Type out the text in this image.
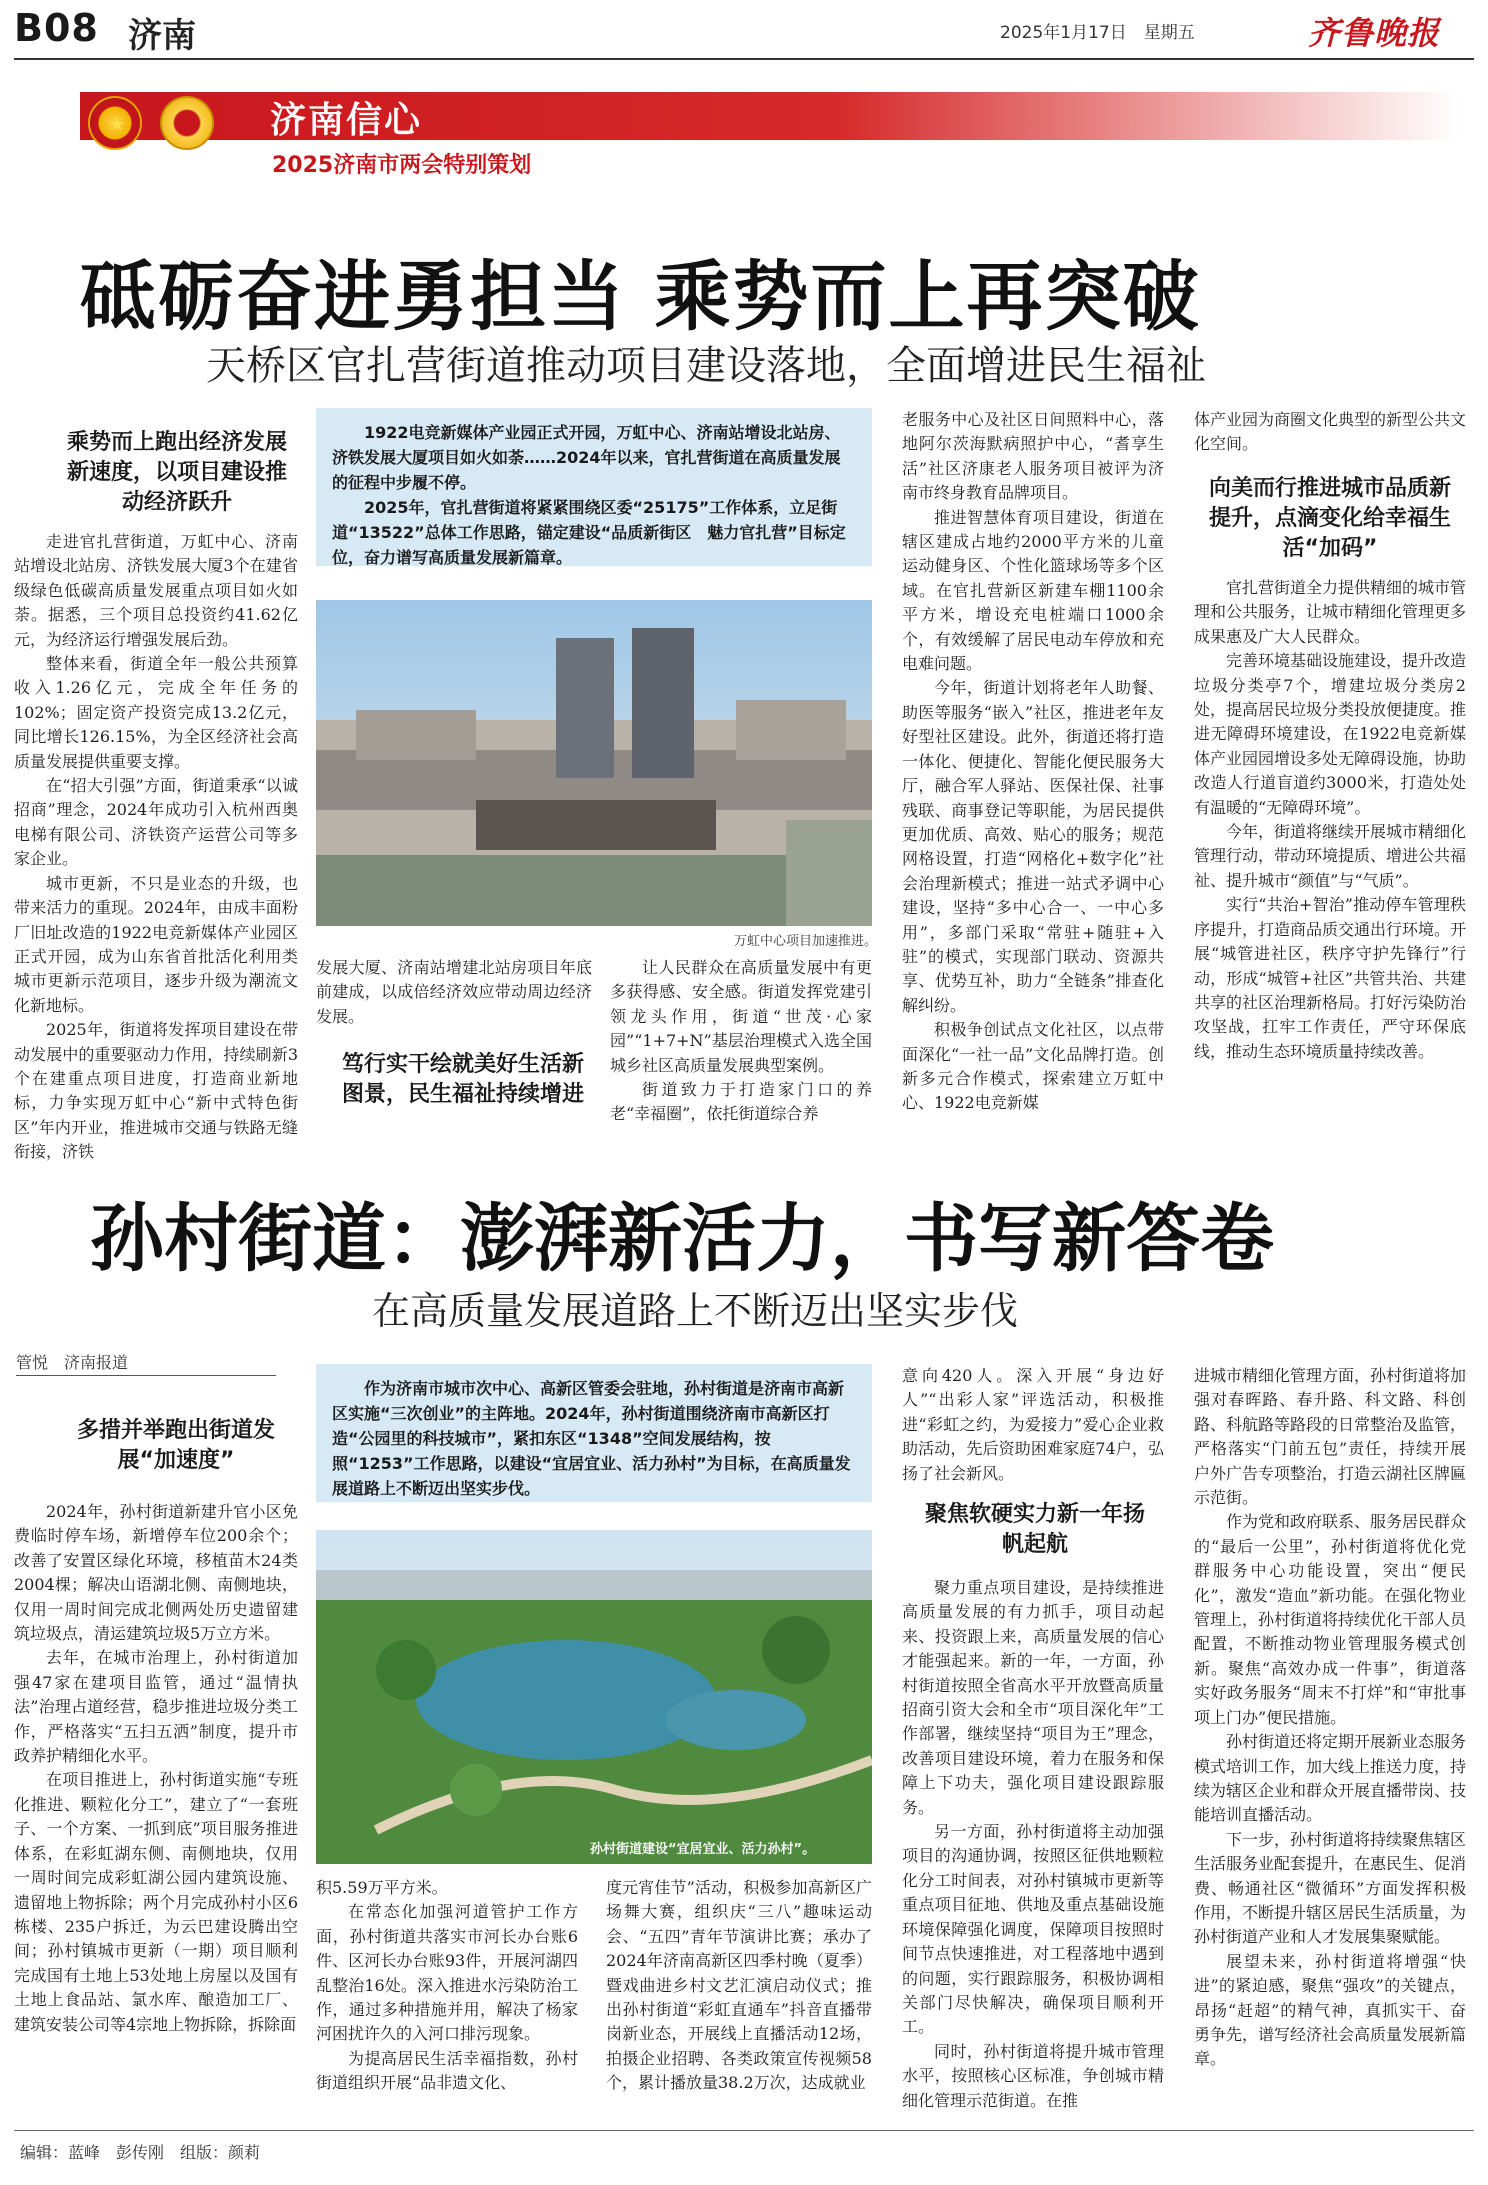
B08 济南	2025年1月17日　 星期五	齐鲁晚报
★	✦	济南信心
2025济南市两会特别策划
砥砺奋进勇担当 乘势而上再突破
天桥区官扎营街道推动项目建设落地，全面增进民生福祉

1922电竞新媒体产业园正式开园，万虹中心、济南站增设北站房、济铁发展大厦项目如火如荼……2024年以来，官扎营街道在高质量发展的征程中步履不停。

2025年，官扎营街道将紧紧围绕区委“25175”工作体系，立足街道“13522”总体工作思路，锚定建设“品质新街区　魅力官扎营”目标定位，奋力谱写高质量发展新篇章。

万虹中心项目加速推进。
乘势而上跑出经济发展新速度，以项目建设推动经济跃升

走进官扎营街道，万虹中心、济南站增设北站房、济铁发展大厦3个在建省级绿色低碳高质量发展重点项目如火如荼。据悉，三个项目总投资约41.62亿元，为经济运行增强发展后劲。

整体来看，街道全年一般公共预算收入1.26亿元，完成全年任务的102%；固定资产投资完成13.2亿元，同比增长126.15%，为全区经济社会高质量发展提供重要支撑。

在“招大引强”方面，街道秉承“以诚招商”理念，2024年成功引入杭州西奥电梯有限公司、济铁资产运营公司等多家企业。

城市更新，不只是业态的升级，也带来活力的重现。2024年，由成丰面粉厂旧址改造的1922电竞新媒体产业园区正式开园，成为山东省首批活化利用类城市更新示范项目，逐步升级为潮流文化新地标。

2025年，街道将发挥项目建设在带动发展中的重要驱动力作用，持续刷新3个在建重点项目进度，打造商业新地标，力争实现万虹中心“新中式特色街区”年内开业，推进城市交通与铁路无缝衔接，济铁

发展大厦、济南站增建北站房项目年底前建成，以成倍经济效应带动周边经济发展。

笃行实干绘就美好生活新图景，民生福祉持续增进

让人民群众在高质量发展中有更多获得感、安全感。街道发挥党建引领龙头作用，街道“世茂·心家园”“1+7+N”基层治理模式入选全国城乡社区高质量发展典型案例。

街道致力于打造家门口的养老“幸福圈”，依托街道综合养

老服务中心及社区日间照料中心，落地阿尔茨海默病照护中心，“耆享生活”社区济康老人服务项目被评为济南市终身教育品牌项目。

推进智慧体育项目建设，街道在辖区建成占地约2000平方米的儿童运动健身区、个性化篮球场等多个区域。在官扎营新区新建车棚1100余平方米，增设充电桩端口1000余个，有效缓解了居民电动车停放和充电难问题。

今年，街道计划将老年人助餐、助医等服务“嵌入”社区，推进老年友好型社区建设。此外，街道还将打造一体化、便捷化、智能化便民服务大厅，融合军人驿站、医保社保、社事残联、商事登记等职能，为居民提供更加优质、高效、贴心的服务；规范网格设置，打造“网格化+数字化”社会治理新模式；推进一站式矛调中心建设，坚持“多中心合一、一中心多用”，多部门采取“常驻+随驻+入驻”的模式，实现部门联动、资源共享、优势互补，助力“全链条”排查化解纠纷。

积极争创试点文化社区，以点带面深化“一社一品”文化品牌打造。创新多元合作模式，探索建立万虹中心、1922电竞新媒

体产业园为商圈文化典型的新型公共文化空间。

向美而行推进城市品质新提升，点滴变化给幸福生活“加码”

官扎营街道全力提供精细的城市管理和公共服务，让城市精细化管理更多成果惠及广大人民群众。

完善环境基础设施建设，提升改造垃圾分类亭7个，增建垃圾分类房2处，提高居民垃圾分类投放便捷度。推进无障碍环境建设，在1922电竞新媒体产业园园增设多处无障碍设施，协助改造人行道盲道约3000米，打造处处有温暖的“无障碍环境”。

今年，街道将继续开展城市精细化管理行动，带动环境提质、增进公共福祉、提升城市“颜值”与“气质”。

实行“共治+智治”推动停车管理秩序提升，打造商品质交通出行环境。开展“城管进社区，秩序守护先锋行”行动，形成“城管+社区”共管共治、共建共享的社区治理新格局。打好污染防治攻坚战，扛牢工作责任，严守环保底线，推动生态环境质量持续改善。

孙村街道：澎湃新活力，书写新答卷
在高质量发展道路上不断迈出坚实步伐
管悦　济南报道

作为济南市城市次中心、高新区管委会驻地，孙村街道是济南市高新区实施“三次创业”的主阵地。2024年，孙村街道围绕济南市高新区打造“公园里的科技城市”，紧扣东区“1348”空间发展结构，按照“1253”工作思路，以建设“宜居宜业、活力孙村”为目标，在高质量发展道路上不断迈出坚实步伐。

孙村街道建设“宜居宜业、活力孙村”。
多措并举跑出街道发展“加速度”

2024年，孙村街道新建升官小区免费临时停车场，新增停车位200余个；改善了安置区绿化环境，移植苗木24类2004棵；解决山语湖北侧、南侧地块，仅用一周时间完成北侧两处历史遗留建筑垃圾点，清运建筑垃圾5万立方米。

去年，在城市治理上，孙村街道加强47家在建项目监管，通过“温情执法”治理占道经营，稳步推进垃圾分类工作，严格落实“五扫五洒”制度，提升市政养护精细化水平。

在项目推进上，孙村街道实施“专班化推进、颗粒化分工”，建立了“一套班子、一个方案、一抓到底”项目服务推进体系，在彩虹湖东侧、南侧地块，仅用一周时间完成彩虹湖公园内建筑设施、遗留地上物拆除；两个月完成孙村小区6栋楼、235户拆迁，为云巴建设腾出空间；孙村镇城市更新（一期）项目顺利完成国有土地上53处地上房屋以及国有土地上食品站、氯水库、酿造加工厂、建筑安装公司等4宗地上物拆除，拆除面

积5.59万平方米。

在常态化加强河道管护工作方面，孙村街道共落实市河长办台账6件、区河长办台账93件，开展河湖四乱整治16处。深入推进水污染防治工作，通过多种措施并用，解决了杨家河困扰许久的入河口排污现象。

为提高居民生活幸福指数，孙村街道组织开展“品非遗文化、

度元宵佳节”活动，积极参加高新区广场舞大赛，组织庆“三八”趣味运动会、“五四”青年节演讲比赛；承办了2024年济南高新区四季村晚（夏季）暨戏曲进乡村文艺汇演启动仪式；推出孙村街道“彩虹直通车”抖音直播带岗新业态，开展线上直播活动12场，拍摄企业招聘、各类政策宣传视频58个，累计播放量38.2万次，达成就业

意向420人。深入开展“身边好人”“出彩人家”评选活动，积极推进“彩虹之约，为爱接力”爱心企业救助活动，先后资助困难家庭74户，弘扬了社会新风。

聚焦软硬实力新一年扬帆起航

聚力重点项目建设，是持续推进高质量发展的有力抓手，项目动起来、投资跟上来，高质量发展的信心才能强起来。新的一年，一方面，孙村街道按照全省高水平开放暨高质量招商引资大会和全市“项目深化年”工作部署，继续坚持“项目为王”理念，改善项目建设环境，着力在服务和保障上下功夫，强化项目建设跟踪服务。

另一方面，孙村街道将主动加强项目的沟通协调，按照区征供地颗粒化分工时间表，对孙村镇城市更新等重点项目征地、供地及重点基础设施环境保障强化调度，保障项目按照时间节点快速推进，对工程落地中遇到的问题，实行跟踪服务，积极协调相关部门尽快解决，确保项目顺利开工。

同时，孙村街道将提升城市管理水平，按照核心区标准，争创城市精细化管理示范街道。在推

进城市精细化管理方面，孙村街道将加强对春晖路、春升路、科文路、科创路、科航路等路段的日常整治及监管，严格落实“门前五包”责任，持续开展户外广告专项整治，打造云湖社区牌匾示范街。

作为党和政府联系、服务居民群众的“最后一公里”，孙村街道将优化党群服务中心功能设置，突出“便民化”，激发“造血”新功能。在强化物业管理上，孙村街道将持续优化干部人员配置，不断推动物业管理服务模式创新。聚焦“高效办成一件事”，街道落实好政务服务“周末不打烊”和“审批事项上门办”便民措施。

孙村街道还将定期开展新业态服务模式培训工作，加大线上推送力度，持续为辖区企业和群众开展直播带岗、技能培训直播活动。

下一步，孙村街道将持续聚焦辖区生活服务业配套提升，在惠民生、促消费、畅通社区“微循环”方面发挥积极作用，不断提升辖区居民生活质量，为孙村街道产业和人才发展集聚赋能。

展望未来，孙村街道将增强“快进”的紧迫感，聚焦“强攻”的关键点，昂扬“赶超”的精气神，真抓实干、奋勇争先，谱写经济社会高质量发展新篇章。

编辑：蓝峰　彭传刚　组版：颜莉
